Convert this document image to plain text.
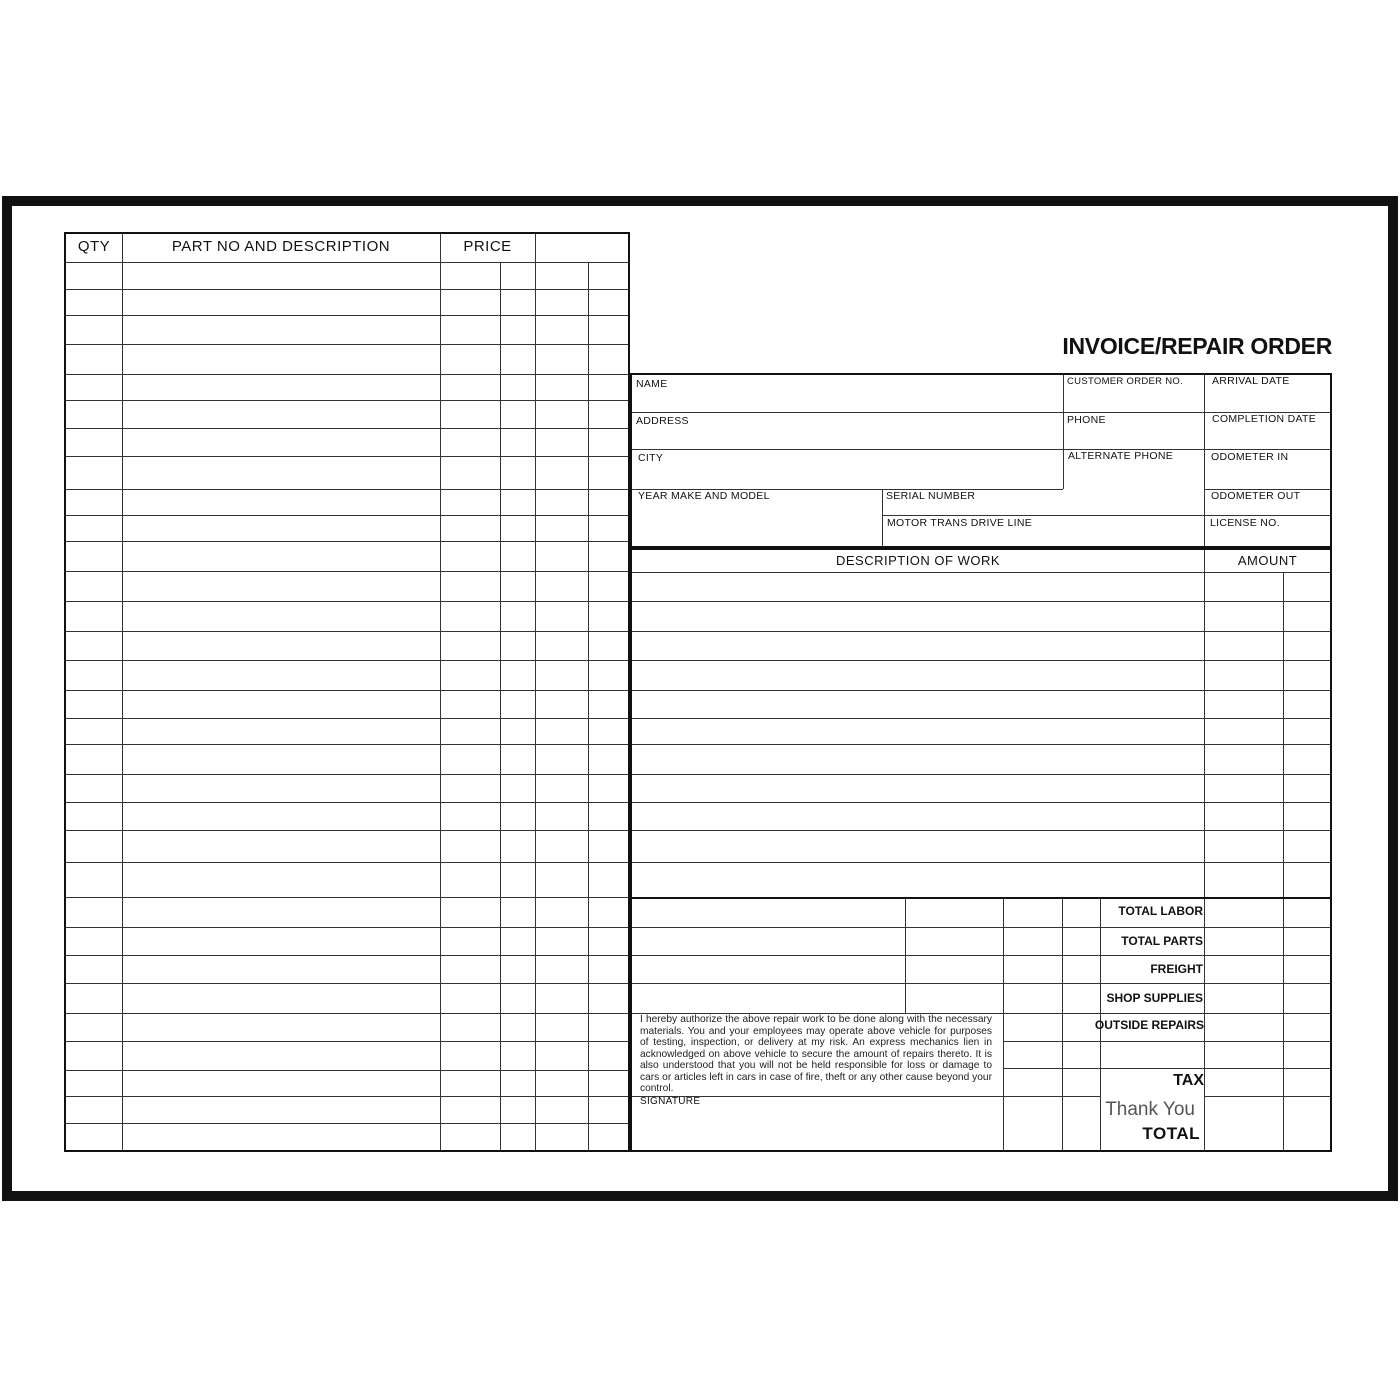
QTY	PART NO AND DESCRIPTION	PRICE
INVOICE/REPAIR ORDER
NAME
ADDRESS
CITY
YEAR MAKE AND MODEL	SERIAL NUMBER
MOTOR TRANS DRIVE LINE
CUSTOMER ORDER NO.
PHONE
ALTERNATE PHONE
ARRIVAL DATE
COMPLETION DATE
ODOMETER IN
ODOMETER OUT
LICENSE NO.
DESCRIPTION OF WORK	AMOUNT
TOTAL LABOR
TOTAL PARTS
FREIGHT
SHOP SUPPLIES
OUTSIDE REPAIRS
TAX
Thank You
TOTAL
I hereby authorize the above repair work to be done along with the necessary materials. You and your employees may operate above vehicle for purposes of testing, inspection, or delivery at my risk. An express mechanics lien in acknowledged on above vehicle to secure the amount of repairs thereto. It is also understood that you will not be held responsible for loss or damage to cars or articles left in cars in case of fire, theft or any other cause beyond your control.
SIGNATURE
